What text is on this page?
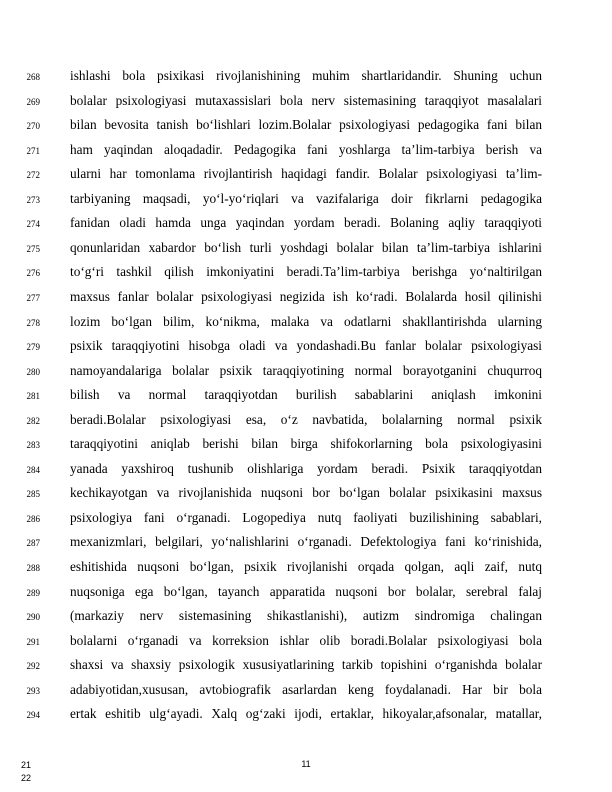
268 ishlashi bola psixikasi rivojlanishining muhim shartlaridandir. Shuning uchun
269 bolalar psixologiyasi mutaxassislari bola nerv sistemasining taraqqiyot masalalari
270 bilan bevosita tanish bo‘lishlari lozim.Bolalar psixologiyasi pedagogika fani bilan
271 ham yaqindan aloqadadir. Pedagogika fani yoshlarga ta’lim-tarbiya berish va
272 ularni har tomonlama rivojlantirish haqidagi fandir. Bolalar psixologiyasi ta’lim-
273 tarbiyaning maqsadi, yo‘l-yo‘riqlari va vazifalariga doir fikrlarni pedagogika
274 fanidan oladi hamda unga yaqindan yordam beradi. Bolaning aqliy taraqqiyoti
275 qonunlaridan xabardor bo‘lish turli yoshdagi bolalar bilan ta’lim-tarbiya ishlarini
276 to‘g‘ri tashkil qilish imkoniyatini beradi.Ta’lim-tarbiya berishga yo‘naltirilgan
277 maxsus fanlar bolalar psixologiyasi negizida ish ko‘radi. Bolalarda hosil qilinishi
278 lozim bo‘lgan bilim, ko‘nikma, malaka va odatlarni shakllantirishda ularning
279 psixik taraqqiyotini hisobga oladi va yondashadi.Bu fanlar bolalar psixologiyasi
280 namoyandalariga bolalar psixik taraqqiyotining normal borayotganini chuqurroq
281 bilish va normal taraqqiyotdan burilish sabablarini aniqlash imkonini
282 beradi.Bolalar psixologiyasi esa, o‘z navbatida, bolalarning normal psixik
283 taraqqiyotini aniqlab berishi bilan birga shifokorlarning bola psixologiyasini
284 yanada yaxshiroq tushunib olishlariga yordam beradi. Psixik taraqqiyotdan
285 kechikayotgan va rivojlanishida nuqsoni bor bo‘lgan bolalar psixikasini maxsus
286 psixologiya fani o‘rganadi. Logopediya nutq faoliyati buzilishining sabablari,
287 mexanizmlari, belgilari, yo‘nalishlarini o‘rganadi. Defektologiya fani ko‘rinishida,
288 eshitishida nuqsoni bo‘lgan, psixik rivojlanishi orqada qolgan, aqli zaif, nutq
289 nuqsoniga ega bo‘lgan, tayanch apparatida nuqsoni bor bolalar, serebral falaj
290 (markaziy nerv sistemasining shikastlanishi), autizm sindromiga chalingan
291 bolalarni o‘rganadi va korreksion ishlar olib boradi.Bolalar psixologiyasi bola
292 shaxsi va shaxsiy psixologik xususiyatlarining tarkib topishini o‘rganishda bolalar
293 adabiyotidan,xususan, avtobiografik asarlardan keng foydalanadi. Har bir bola
294 ertak eshitib ulg‘ayadi. Xalq og‘zaki ijodi, ertaklar, hikoyalar,afsonalar, matallar,
21
22
11
